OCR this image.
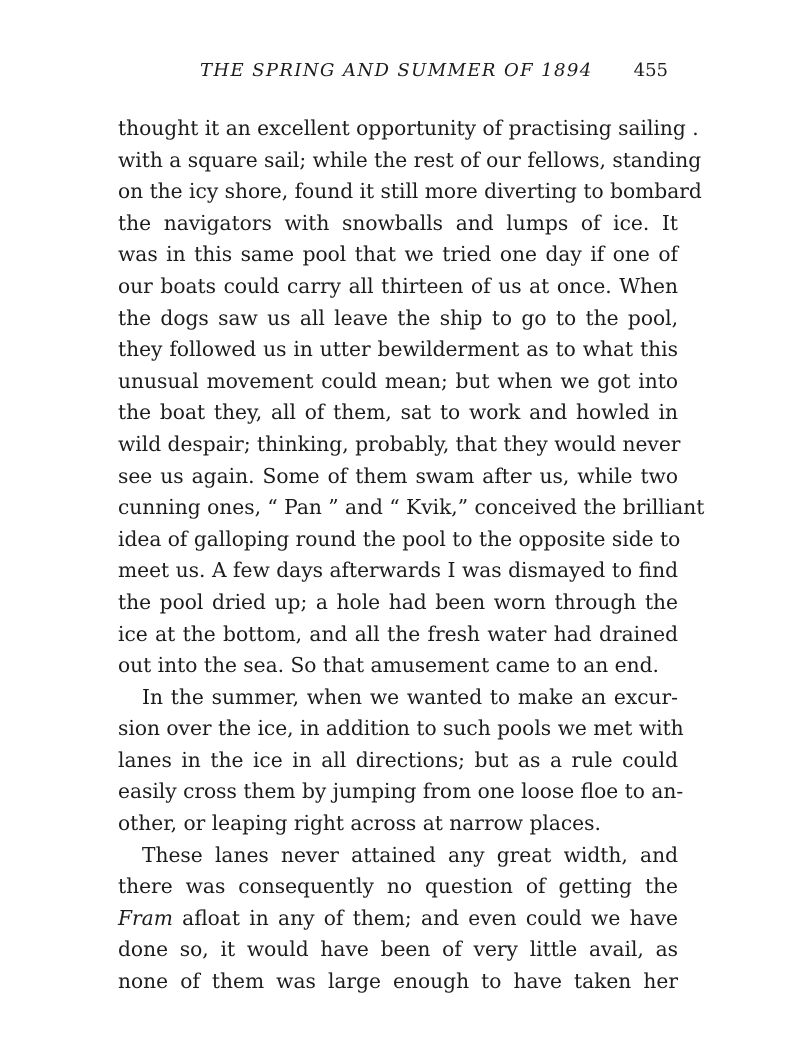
THE SPRING AND SUMMER OF 1894 455
thought it an excellent opportunity of practising sailing .
with a square sail; while the rest of our fellows, standing
on the icy shore, found it still more diverting to bombard
the navigators with snowballs and lumps of ice. It
was in this same pool that we tried one day if one of
our boats could carry all thirteen of us at once. When
the dogs saw us all leave the ship to go to the pool,
they followed us in utter bewilderment as to what this
unusual movement could mean; but when we got into
the boat they, all of them, sat to work and howled in
wild despair; thinking, probably, that they would never
see us again. Some of them swam after us, while two
cunning ones, “ Pan ” and “ Kvik,” conceived the brilliant
idea of galloping round the pool to the opposite side to
meet us. A few days afterwards I was dismayed to find
the pool dried up; a hole had been worn through the
ice at the bottom, and all the fresh water had drained
out into the sea. So that amusement came to an end.
In the summer, when we wanted to make an excur-
sion over the ice, in addition to such pools we met with
lanes in the ice in all directions; but as a rule could
easily cross them by jumping from one loose floe to an-
other, or leaping right across at narrow places.
These lanes never attained any great width, and
there was consequently no question of getting the
Fram afloat in any of them; and even could we have
done so, it would have been of very little avail, as
none of them was large enough to have taken her
